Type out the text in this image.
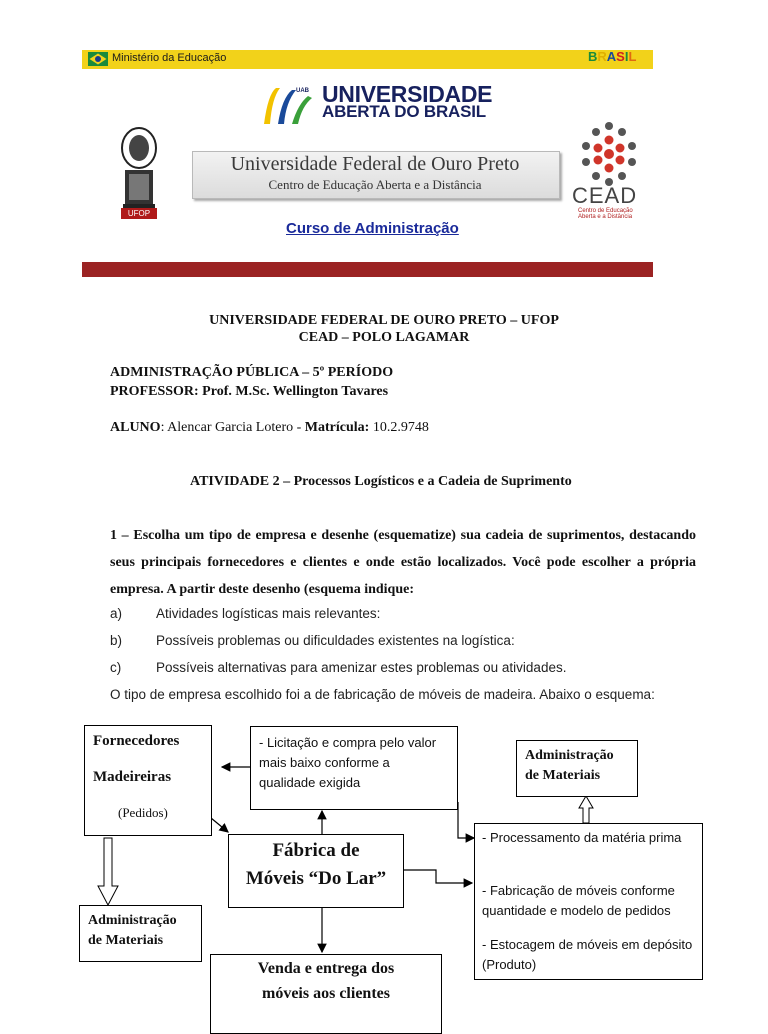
Ministério da Educação	BRASIL
UAB UNIVERSIDADE
ABERTA DO BRASIL
UFOP
Universidade Federal de Ouro Preto
Centro de Educação Aberta e a Distância	CEAD
Centro de Educação Aberta e a Distância
Curso de Administração
UNIVERSIDADE FEDERAL DE OURO PRETO – UFOP
CEAD – POLO LAGAMAR
ADMINISTRAÇÃO PÚBLICA – 5º PERÍODO
PROFESSOR: Prof. M.Sc. Wellington Tavares
ALUNO: Alencar Garcia Lotero - Matrícula: 10.2.9748
ATIVIDADE 2 – Processos Logísticos e a Cadeia de Suprimento
1 – Escolha um tipo de empresa e desenhe (esquematize) sua cadeia de suprimentos, destacando seus principais fornecedores e clientes e onde estão localizados. Você pode escolher a própria empresa. A partir deste desenho (esquema indique:
a)	Atividades logísticas mais relevantes:
b)	Possíveis problemas ou dificuldades existentes na logística:
c)	Possíveis alternativas para amenizar estes problemas ou atividades.
O tipo de empresa escolhido foi a de fabricação de móveis de madeira. Abaixo o esquema:
Fornecedores
Madeireiras
(Pedidos)
- Licitação e compra pelo valor mais baixo conforme a qualidade exigida
Administração de Materiais
Fábrica de
Móveis “Do Lar”
- Processamento da matéria prima
- Fabricação de móveis conforme quantidade e modelo de pedidos
- Estocagem de móveis em depósito (Produto)
Administração de Materiais
Venda e entrega dos
móveis aos clientes
